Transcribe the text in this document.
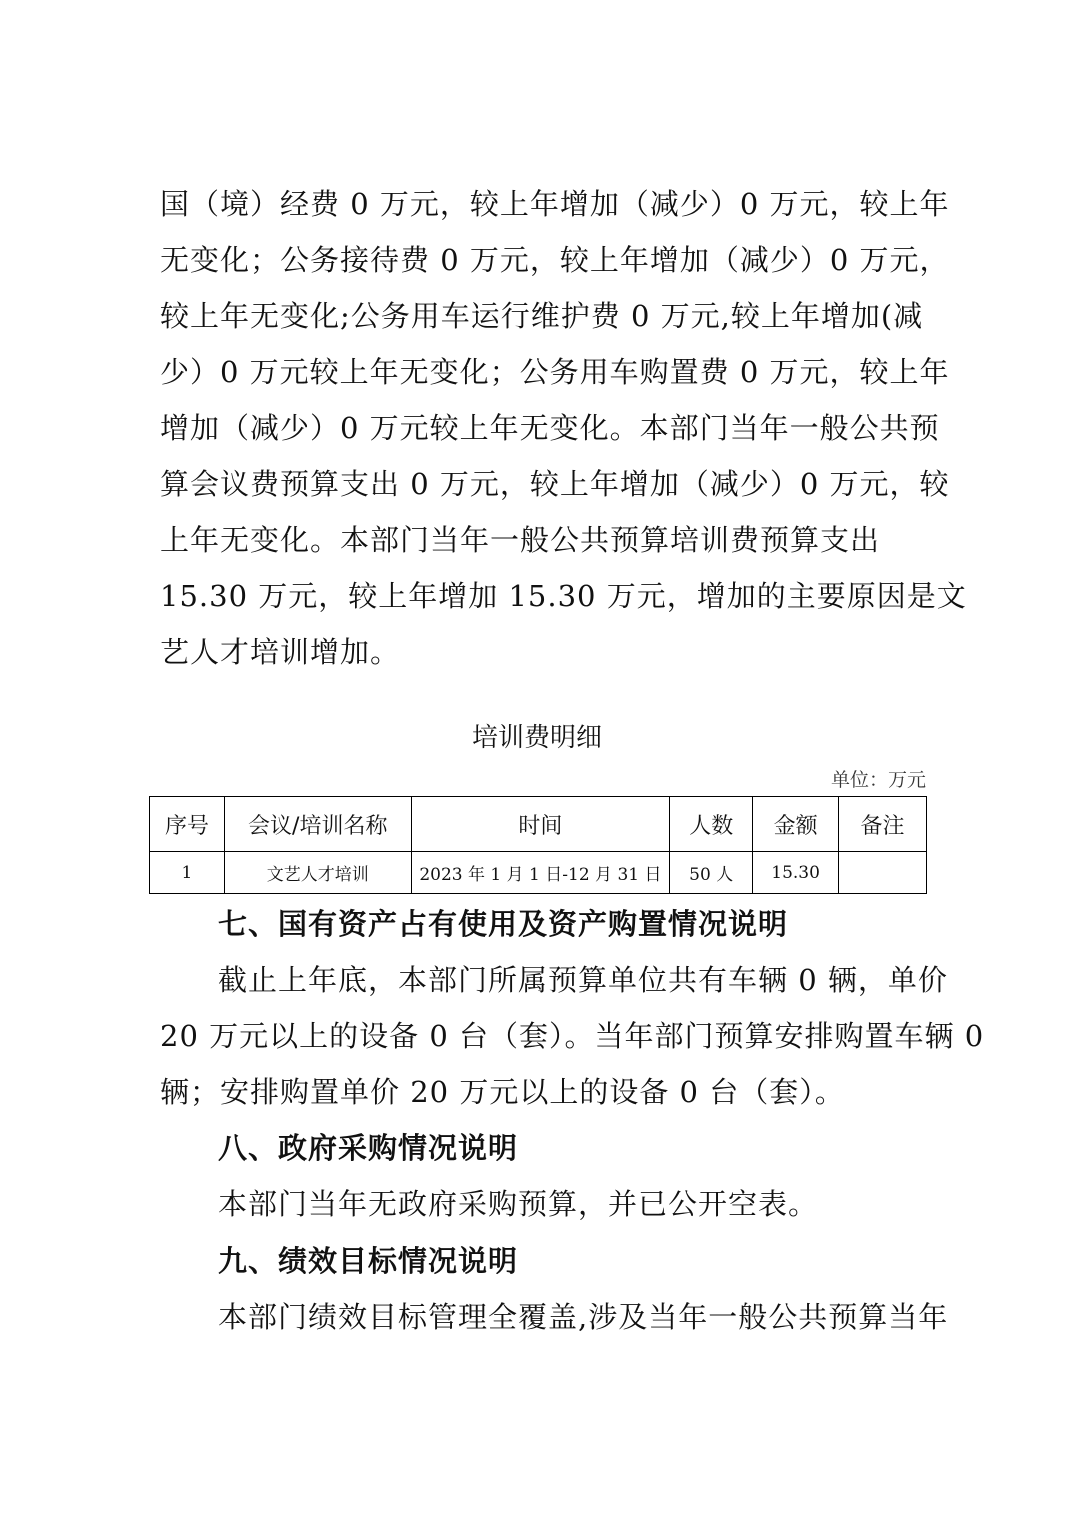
国（境）经费 0 万元，较上年增加（减少）0 万元，较上年
无变化；公务接待费 0 万元，较上年增加（减少）0 万元，
较上年无变化;公务用车运行维护费 0 万元,较上年增加(减
少）0 万元较上年无变化；公务用车购置费 0 万元，较上年
增加（减少）0 万元较上年无变化。本部门当年一般公共预
算会议费预算支出 0 万元，较上年增加（减少）0 万元，较
上年无变化。本部门当年一般公共预算培训费预算支出
15.30 万元，较上年增加 15.30 万元，增加的主要原因是文
艺人才培训增加。
培训费明细
单位：万元
序号	会议/培训名称	时间	人数	金额	备注
1	文艺人才培训	2023 年 1 月 1 日-12 月 31 日	50 人	15.30	
七、国有资产占有使用及资产购置情况说明
截止上年底，本部门所属预算单位共有车辆 0 辆，单价
20 万元以上的设备 0 台（套）。当年部门预算安排购置车辆 0
辆；安排购置单价 20 万元以上的设备 0 台（套）。
八、政府采购情况说明
本部门当年无政府采购预算，并已公开空表。
九、绩效目标情况说明
本部门绩效目标管理全覆盖,涉及当年一般公共预算当年
